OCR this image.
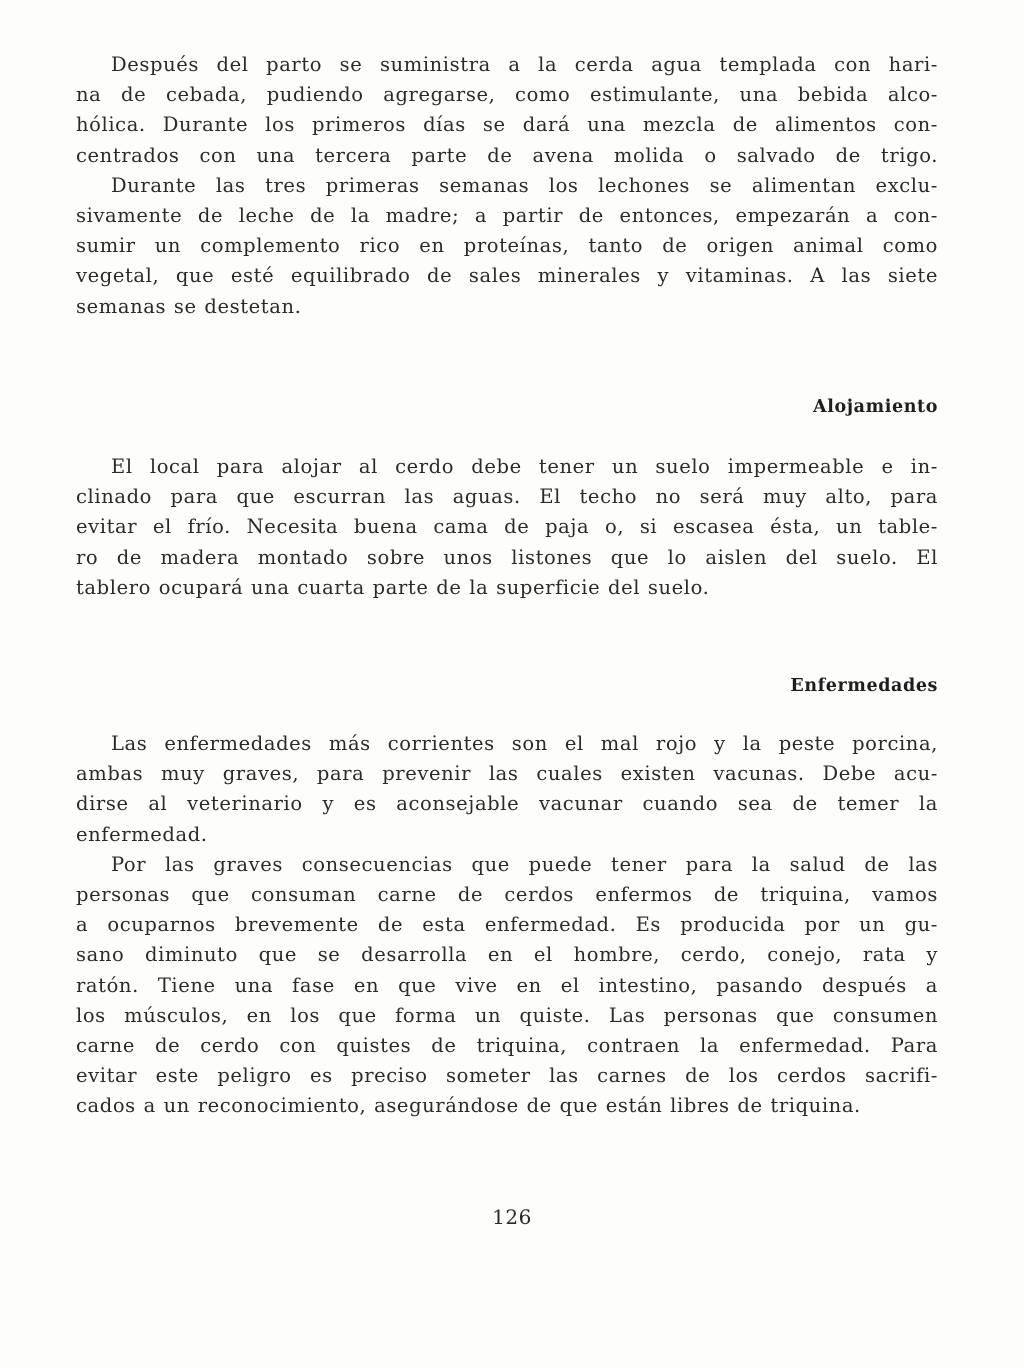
Después del parto se suministra a la cerda agua templada con hari-
na de cebada, pudiendo agregarse, como estimulante, una bebida alco-
hólica. Durante los primeros días se dará una mezcla de alimentos con-
centrados con una tercera parte de avena molida o salvado de trigo.
Durante las tres primeras semanas los lechones se alimentan exclu-
sivamente de leche de la madre; a partir de entonces, empezarán a con-
sumir un complemento rico en proteínas, tanto de origen animal como
vegetal, que esté equilibrado de sales minerales y vitaminas. A las siete
semanas se destetan.
Alojamiento
El local para alojar al cerdo debe tener un suelo impermeable e in-
clinado para que escurran las aguas. El techo no será muy alto, para
evitar el frío. Necesita buena cama de paja o, si escasea ésta, un table-
ro de madera montado sobre unos listones que lo aislen del suelo. El
tablero ocupará una cuarta parte de la superficie del suelo.
Enfermedades
Las enfermedades más corrientes son el mal rojo y la peste porcina,
ambas muy graves, para prevenir las cuales existen vacunas. Debe acu-
dirse al veterinario y es aconsejable vacunar cuando sea de temer la
enfermedad.
Por las graves consecuencias que puede tener para la salud de las
personas que consuman carne de cerdos enfermos de triquina, vamos
a ocuparnos brevemente de esta enfermedad. Es producida por un gu-
sano diminuto que se desarrolla en el hombre, cerdo, conejo, rata y
ratón. Tiene una fase en que vive en el intestino, pasando después a
los músculos, en los que forma un quiste. Las personas que consumen
carne de cerdo con quistes de triquina, contraen la enfermedad. Para
evitar este peligro es preciso someter las carnes de los cerdos sacrifi-
cados a un reconocimiento, asegurándose de que están libres de triquina.
126
